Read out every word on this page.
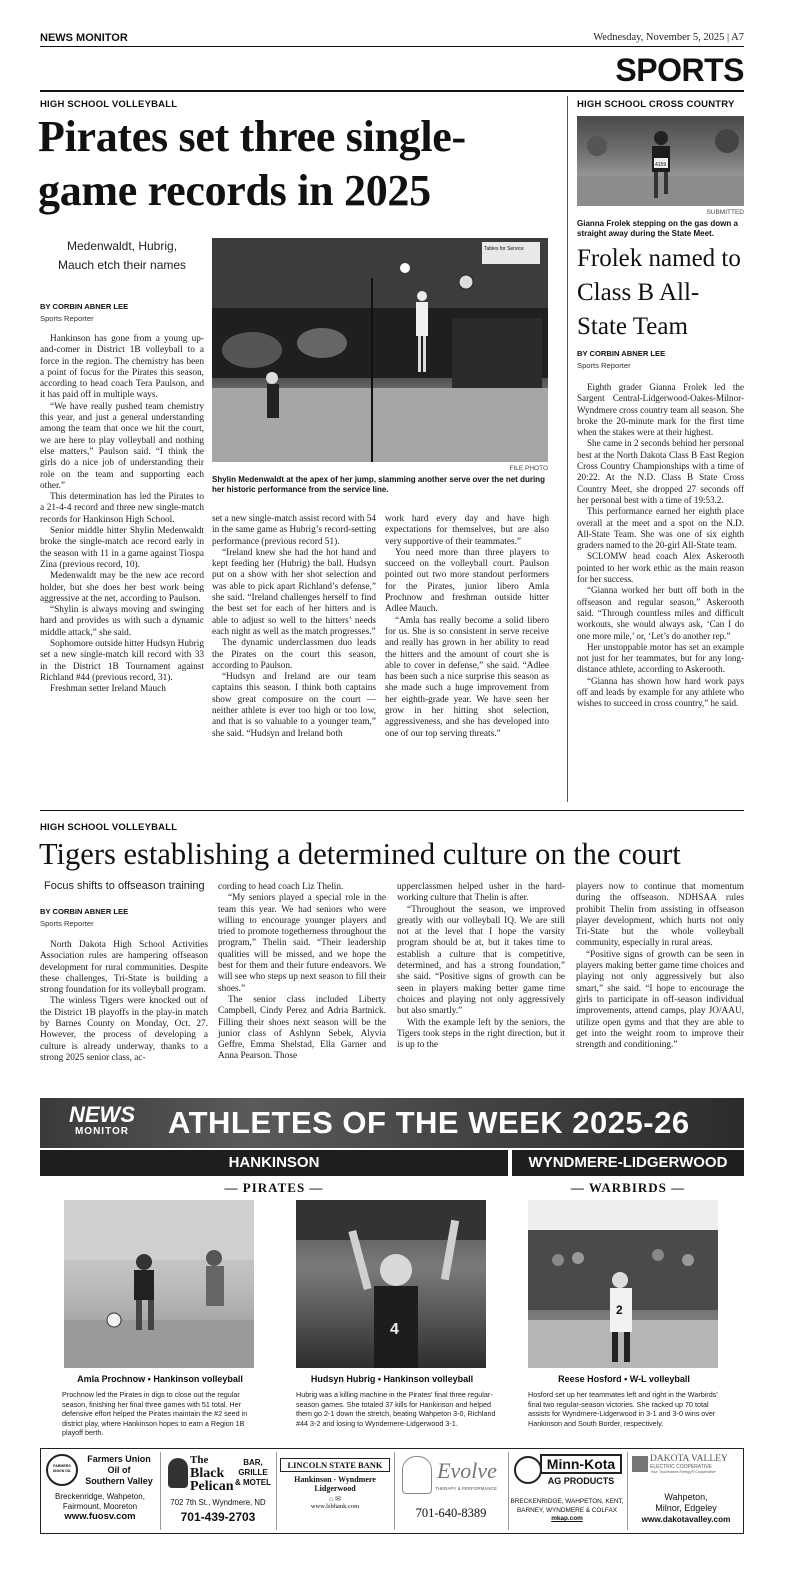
NEWS MONITOR	Wednesday, November 5, 2025 | A7
SPORTS
HIGH SCHOOL VOLLEYBALL
Pirates set three single-game records in 2025
Medenwaldt, Hubrig, Mauch etch their names
BY CORBIN ABNER LEE
Sports Reporter
Tables for Service
FILE PHOTO
Shylin Medenwaldt at the apex of her jump, slamming another serve over the net during her historic performance from the service line.

Hankinson has gone from a young up-and-comer in District 1B volleyball to a force in the region. The chemistry has been a point of focus for the Pirates this season, according to head coach Tera Paulson, and it has paid off in multiple ways.

“We have really pushed team chemistry this year, and just a general understanding among the team that once we hit the court, we are here to play volleyball and nothing else matters,” Paulson said. “I think the girls do a nice job of understanding their role on the team and supporting each other.”

This determination has led the Pirates to a 21-4-4 record and three new single-match records for Hankinson High School.

Senior middle hitter Shylin Medenwaldt broke the single-match ace record early in the season with 11 in a game against Tiospa Zina (previous record, 10).

Medenwaldt may be the new ace record holder, but she does her best work being aggressive at the net, according to Paulson.

“Shylin is always moving and swinging hard and provides us with such a dynamic middle attack,” she said.

Sophomore outside hitter Hudsyn Hubrig set a new single-match kill record with 33 in the District 1B Tournament against Richland #44 (previous record, 31).

Freshman setter Ireland Mauch

set a new single-match assist record with 54 in the same game as Hubrig’s record-setting performance (previous record 51).

“Ireland knew she had the hot hand and kept feeding her (Hubrig) the ball. Hudsyn put on a show with her shot selection and was able to pick apart Richland’s defense,” she said. “Ireland challenges herself to find the best set for each of her hitters and is able to adjust so well to the hitters’ needs each night as well as the match progresses.”

The dynamic underclassmen duo leads the Pirates on the court this season, according to Paulson.

“Hudsyn and Ireland are our team captains this season. I think both captains show great composure on the court — neither athlete is ever too high or too low, and that is so valuable to a younger team,” she said. “Hudsyn and Ireland both

work hard every day and have high expectations for themselves, but are also very supportive of their teammates.”

You need more than three players to succeed on the volleyball court. Paulson pointed out two more standout performers for the Pirates, junior libero Amla Prochnow and freshman outside hitter Adlee Mauch.

“Amla has really become a solid libero for us. She is so consistent in serve receive and really has grown in her ability to read the hitters and the amount of court she is able to cover in defense,” she said. “Adlee has been such a nice surprise this season as she made such a huge improvement from her eighth-grade year. We have seen her grow in her hitting shot selection, aggressiveness, and she has developed into one of our top serving threats.”

HIGH SCHOOL CROSS COUNTRY
4159
SUBMITTED
Gianna Frolek stepping on the gas down a straight away during the State Meet.
Frolek named to Class B All-State Team
BY CORBIN ABNER LEE
Sports Reporter

Eighth grader Gianna Frolek led the Sargent Central-Lidgerwood-Oakes-Milnor-Wyndmere cross country team all season. She broke the 20-minute mark for the first time when the stakes were at their highest.

She came in 2 seconds behind her personal best at the North Dakota Class B East Region Cross Country Championships with a time of 20:22. At the N.D. Class B State Cross Country Meet, she dropped 27 seconds off her personal best with a time of 19:53.2.

This performance earned her eighth place overall at the meet and a spot on the N.D. All-State Team. She was one of six eighth graders named to the 20-girl All-State team.

SCLOMW head coach Alex Askerooth pointed to her work ethic as the main reason for her success.

“Gianna worked her butt off both in the offseason and regular season,” Askerooth said. “Through countless miles and difficult workouts, she would always ask, ‘Can I do one more mile,’ or, ‘Let’s do another rep.”

Her unstoppable motor has set an example not just for her teammates, but for any long-distance athlete, according to Askerooth.

“Gianna has shown how hard work pays off and leads by example for any athlete who wishes to succeed in cross country,” he said.

HIGH SCHOOL VOLLEYBALL
Tigers establishing a determined culture on the court
Focus shifts to offseason training
BY CORBIN ABNER LEE
Sports Reporter

North Dakota High School Activities Association rules are hampering offseason development for rural communities. Despite these challenges, Tri-State is building a strong foundation for its volleyball program.

The winless Tigers were knocked out of the District 1B playoffs in the play-in match by Barnes County on Monday, Oct. 27. However, the process of developing a culture is already underway, thanks to a strong 2025 senior class, ac-

cording to head coach Liz Thelin.

“My seniors played a special role in the team this year. We had seniors who were willing to encourage younger players and tried to promote togetherness throughout the program,” Thelin said. “Their leadership qualities will be missed, and we hope the best for them and their future endeavors. We will see who steps up next season to fill their shoes.”

The senior class included Liberty Campbell, Cindy Perez and Adria Bartnick. Filling their shoes next season will be the junior class of Ashlynn Sebek, Alyvia Geffre, Emma Shelstad, Ella Garner and Anna Pearson. Those

upperclassmen helped usher in the hard-working culture that Thelin is after.

“Throughout the season, we improved greatly with our volleyball IQ. We are still not at the level that I hope the varsity program should be at, but it takes time to establish a culture that is competitive, determined, and has a strong foundation,” she said. “Positive signs of growth can be seen in players making better game time choices and playing not only aggressively but also smartly.”

With the example left by the seniors, the Tigers took steps in the right direction, but it is up to the

players now to continue that momentum during the offseason. NDHSAA rules prohibit Thelin from assisting in offseason player development, which hurts not only Tri-State but the whole volleyball community, especially in rural areas.

“Positive signs of growth can be seen in players making better game time choices and playing not only aggressively but also smart,” she said. “I hope to encourage the girls to participate in off-season individual improvements, attend camps, play JO/AAU, utilize open gyms and that they are able to get into the weight room to improve their strength and conditioning.”

NEWS
MONITOR	ATHLETES OF THE WEEK 2025-26
HANKINSON	WYNDMERE-LIDGERWOOD
— PIRATES —	— WARBIRDS —
Amla Prochnow • Hankinson volleyball
Prochnow led the Pirates in digs to close out the regular season, finishing her final three games with 51 total. Her defensive effort helped the Pirates maintain the #2 seed in district play, where Hankinson hopes to earn a Region 1B playoff berth.
4
Hudsyn Hubrig • Hankinson volleyball
Hubrig was a killing machine in the Pirates’ final three regular-season games. She totaled 37 kills for Hankinson and helped them go 2-1 down the stretch, beating Wahpeton 3-0, Richland #44 3-2 and losing to Wyndemere-Lidgerwood 3-1.
2
Reese Hosford • W-L volleyball
Hosford set up her teammates left and right in the Warbirds’ final two regular-season victories. She racked up 70 total assists for Wyndmere-Lidgerwood in 3-1 and 3-0 wins over Hankinson and South Border, respectively.
FARMERS UNION OIL
Farmers Union
Oil of
Southern Valley
Breckenridge, Wahpeton,
Fairmount, Mooreton
www.fuosv.com
The
Black
Pelican
BAR,
GRILLE
& MOTEL
702 7th St., Wyndmere, ND
701-439-2703
LINCOLN STATE BANK
Hankinson - Wyndmere
Lidgerwood
⌂ ✉
www.lsbhank.com
Evolve
THERAPY & PERFORMANCE
701-640-8389
Minn-Kota
AG PRODUCTS
BRECKENRIDGE, WAHPETON, KENT,
BARNEY, WYNDMERE & COLFAX
mkap.com
DAKOTA VALLEY
ELECTRIC COOPERATIVE
Your Touchstone Energy® Cooperative
Wahpeton,
Milnor, Edgeley
www.dakotavalley.com
